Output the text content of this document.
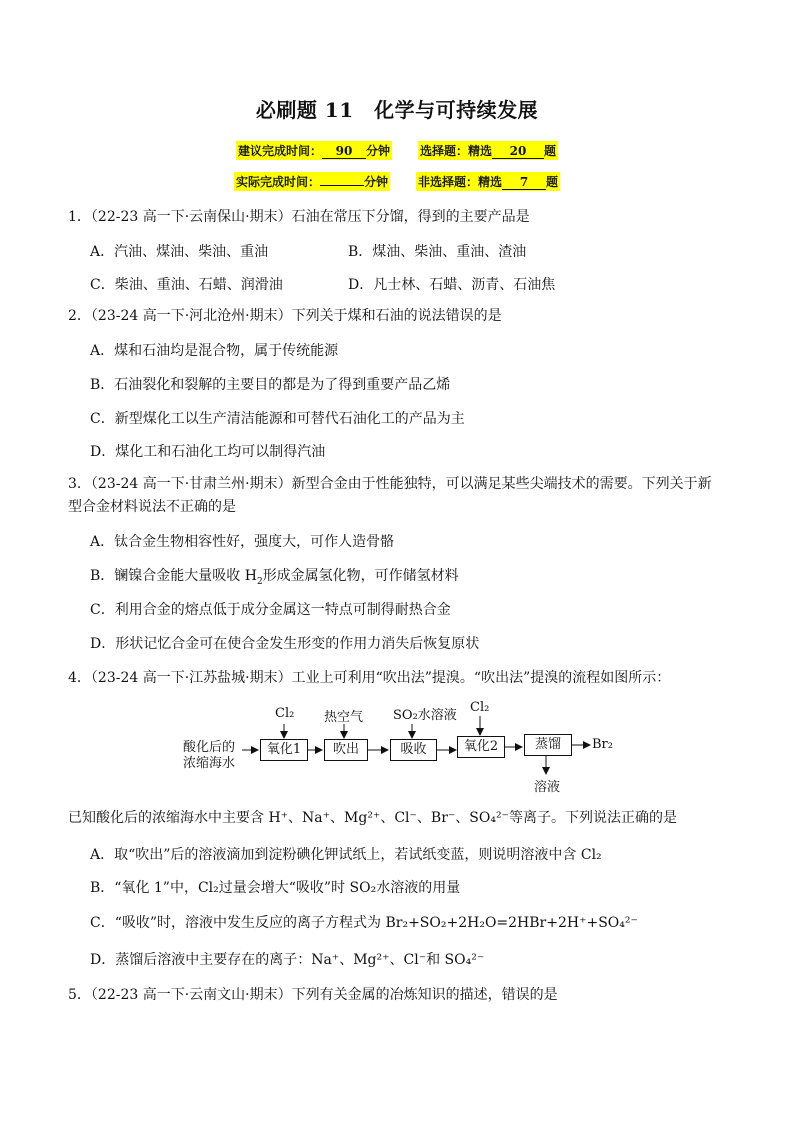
必刷题 11　化学与可持续发展
建议完成时间： 90 分钟	选择题：精选 20 题
实际完成时间：	分钟	非选择题：精选 7 题
1．（22-23 高一下·云南保山·期末）石油在常压下分馏，得到的主要产品是
A．汽油、煤油、柴油、重油	B．煤油、柴油、重油、渣油
C．柴油、重油、石蜡、润滑油	D．凡士林、石蜡、沥青、石油焦
2．（23-24 高一下·河北沧州·期末）下列关于煤和石油的说法错误的是
A．煤和石油均是混合物，属于传统能源
B．石油裂化和裂解的主要目的都是为了得到重要产品乙烯
C．新型煤化工以生产清洁能源和可替代石油化工的产品为主
D．煤化工和石油化工均可以制得汽油
3．（23-24 高一下·甘肃兰州·期末）新型合金由于性能独特，可以满足某些尖端技术的需要。下列关于新
型合金材料说法不正确的是
A．钛合金生物相容性好，强度大，可作人造骨骼
B．镧镍合金能大量吸收 $H_2$形成金属氢化物，可作储氢材料
C．利用合金的熔点低于成分金属这一特点可制得耐热合金
D．形状记忆合金可在使合金发生形变的作用力消失后恢复原状
4．（23-24 高一下·江苏盐城·期末）工业上可利用“吹出法”提溴。“吹出法”提溴的流程如图所示：
酸化后的
浓缩海水
Cl₂ 热空气 SO₂水溶液
Cl₂
氧化1	吹出	吸收	氧化2	蒸馏	Br₂
溶液
已知酸化后的浓缩海水中主要含 H⁺、Na⁺、Mg²⁺、Cl⁻、Br⁻、SO₄²⁻等离子。下列说法正确的是
A．取“吹出”后的溶液滴加到淀粉碘化钾试纸上，若试纸变蓝，则说明溶液中含 Cl₂
B．“氧化 1”中，Cl₂过量会增大“吸收”时 SO₂水溶液的用量
C．“吸收”时，溶液中发生反应的离子方程式为 Br₂+SO₂+2H₂O=2HBr+2H⁺+SO₄²⁻
D．蒸馏后溶液中主要存在的离子：Na⁺、Mg²⁺、Cl⁻和 SO₄²⁻
5．（22-23 高一下·云南文山·期末）下列有关金属的冶炼知识的描述，错误的是
